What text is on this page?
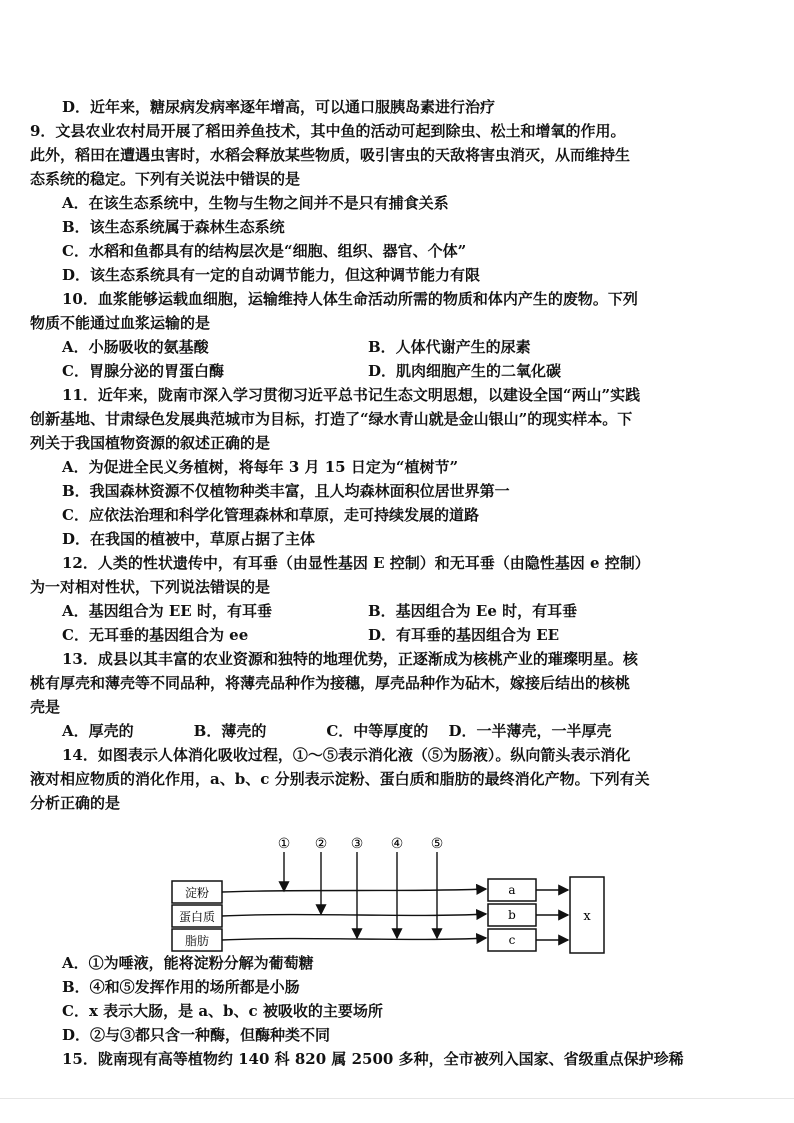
D．近年来，糖尿病发病率逐年增高，可以通口服胰岛素进行治疗
9．文县农业农村局开展了稻田养鱼技术，其中鱼的活动可起到除虫、松土和增氧的作用。
此外，稻田在遭遇虫害时，水稻会释放某些物质，吸引害虫的天敌将害虫消灭，从而维持生
态系统的稳定。下列有关说法中错误的是
A．在该生态系统中，生物与生物之间并不是只有捕食关系
B．该生态系统属于森林生态系统
C．水稻和鱼都具有的结构层次是“细胞、组织、器官、个体”
D．该生态系统具有一定的自动调节能力，但这种调节能力有限
10．血浆能够运载血细胞，运输维持人体生命活动所需的物质和体内产生的废物。下列
物质不能通过血浆运输的是
A．小肠吸收的氨基酸	B．人体代谢产生的尿素
C．胃腺分泌的胃蛋白酶	D．肌肉细胞产生的二氧化碳
11．近年来，陇南市深入学习贯彻习近平总书记生态文明思想，以建设全国“两山”实践
创新基地、甘肃绿色发展典范城市为目标，打造了“绿水青山就是金山银山”的现实样本。下
列关于我国植物资源的叙述正确的是
A．为促进全民义务植树，将每年 3 月 15 日定为“植树节”
B．我国森林资源不仅植物种类丰富，且人均森林面积位居世界第一
C．应依法治理和科学化管理森林和草原，走可持续发展的道路
D．在我国的植被中，草原占据了主体
12．人类的性状遗传中，有耳垂（由显性基因 E 控制）和无耳垂（由隐性基因 e 控制）
为一对相对性状，下列说法错误的是
A．基因组合为 EE 时，有耳垂	B．基因组合为 Ee 时，有耳垂
C．无耳垂的基因组合为 ee	D．有耳垂的基因组合为 EE
13．成县以其丰富的农业资源和独特的地理优势，正逐渐成为核桃产业的璀璨明星。核
桃有厚壳和薄壳等不同品种，将薄壳品种作为接穗，厚壳品种作为砧木，嫁接后结出的核桃
壳是
A．厚壳的　　　　B．薄壳的　　　　C．中等厚度的　 D．一半薄壳，一半厚壳
14．如图表示人体消化吸收过程，①～⑤表示消化液（⑤为肠液）。纵向箭头表示消化
液对相应物质的消化作用，a、b、c 分别表示淀粉、蛋白质和脂肪的最终消化产物。下列有关
分析正确的是
A．①为唾液，能将淀粉分解为葡萄糖
B．④和⑤发挥作用的场所都是小肠
C．x 表示大肠，是 a、b、c 被吸收的主要场所
D．②与③都只含一种酶，但酶种类不同
15．陇南现有高等植物约 140 科 820 属 2500 多种，全市被列入国家、省级重点保护珍稀
淀粉
蛋白质
脂肪
① ② ③ ④ ⑤
a
b
c
x
